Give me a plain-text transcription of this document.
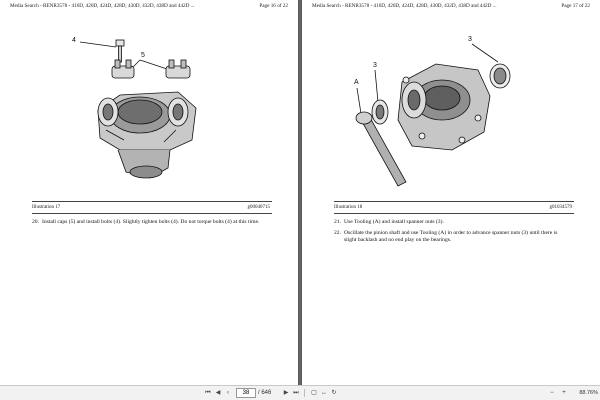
Media Search - RENR3578 - 416D, 420D, 424D, 428D, 430D, 432D, 438D and 442D ...	Page 16 of 22
4
5
Illustration 17	g00040715
20. Install caps (5) and install bolts (4). Slightly tighten bolts (4). Do not torque bolts (4) at this time.
Media Search - RENR3578 - 416D, 420D, 424D, 428D, 430D, 432D, 438D and 442D ...	Page 17 of 22
3
A
3
Illustration 18	g01034579
21. Use Tooling (A) and install spanner nuts (3).
22. Oscillate the pinion shaft and use Tooling (A) in order to advance spanner nuts (3) until there is slight backlash and no end play on the bearings.
⏮ ◀	‹
38	/ 646 ▶ ⏭ ▢ ↔ ↻	−	+	88.76%
